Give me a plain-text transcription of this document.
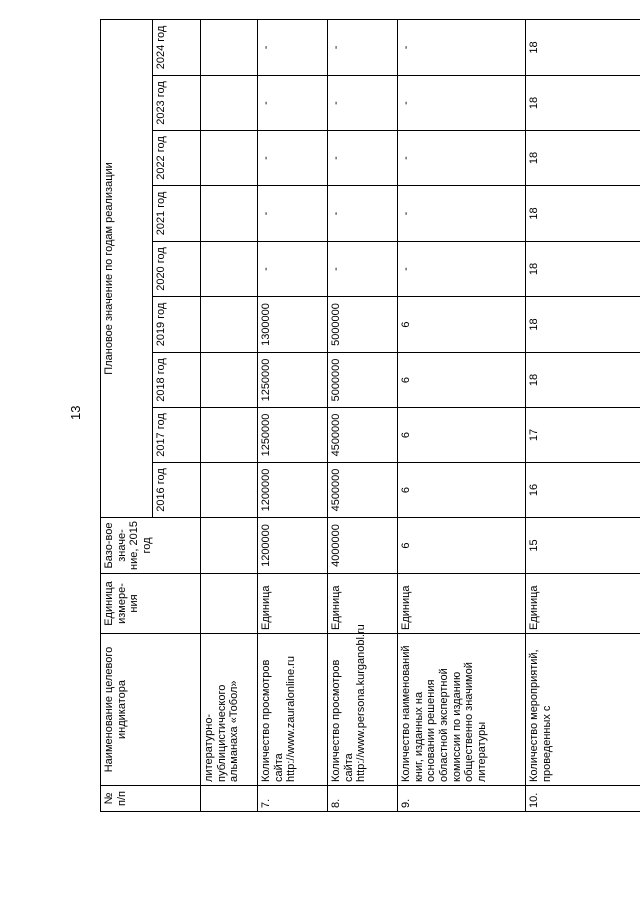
13
№ п/п	Наименование целевого индикатора	Единица измере-ния	Базо-вое значе-ние, 2015 год	Плановое значение по годам реализации								
				2016 год	2017 год	2018 год	2019 год	2020 год	2021 год	2022 год	2023 год	2024 год
	литературно-публицистического альманаха «Тобол»											
7.	Количество просмотров сайта http://www.zauralonline.ru	Единица	1200000	1200000	1250000	1250000	1300000	-	-	-	-	-
8.	Количество просмотров сайта http://www.persona.kurganobl.ru	Единица	4000000	4500000	4500000	5000000	5000000	-	-	-	-	-
9.	Количество наименований книг, изданных на основании решения областной экспертной комиссии по изданию общественно значимой литературы	Единица	6	6	6	6	6	-	-	-	-	-
10.	Количество мероприятий, проведенных с	Единица	15	16	17	18	18	18	18	18	18	18
